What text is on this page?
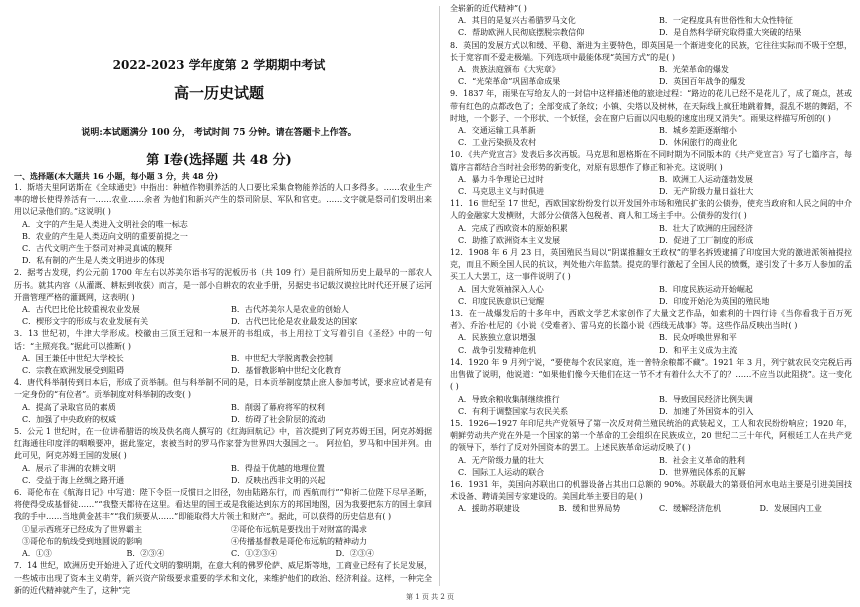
2022-2023 学年度第 2 学期期中考试
高一历史试题
说明:本试题满分 100 分， 考试时间 75 分钟。请在答题卡上作答。
第 Ⅰ卷(选择题 共 48 分)
一、选择题(本大题共 16 小题，每小题 3 分，共 48 分)

1．斯塔夫里阿诺斯在《全球通史》中指出：种植作物驯养活的人口要比采集食物能养活的人口多得多。……农业生产率的增长使得养活有一……农业……余者 为他们和新兴产生的祭司阶层、军队和官吏。……文字就是祭司们发明出来用以记录他们的。”这说明( )

A．文字的产生是人类进入文明社会的唯一标志
B．农业的产生是人类迈向文明的重要前提之一
C．古代文明产生于祭司对神灵真诚的膜拜
D．私有制的产生是人类文明进步的体现

2．据考古发现，约公元前 1700 年左右以苏美尔语书写的泥板历书（共 109 行）是目前所知历史上最早的一部农人历书。就其内容（从灌溉、耕耘到收获）而言，是一部小自耕农的农业手册，另据史书记载汉谟拉比时代还开展了运河开凿管理严格的灌溉网，这表明( )

A．古代巴比伦比较重视农业发展	B．古代苏美尔人是农业的创始人
C．楔形文字的形成与农业发展有关	D．古代巴比伦是农业最发达的国家

3．13 世纪初，牛津大学形成。校徽由三顶王冠和一本展开的书组成，书上用拉丁文写着引自《圣经》中的一句话：“主照亮我。”据此可以推断( )

A．国王兼任中世纪大学校长	B．中世纪大学脱离教会控制
C．宗教在欧洲发展受到阻碍	D．基督教影响中世纪文化教育

4．唐代科举制传到日本后，形成了贡举制。但与科举制不同的是，日本贡举制度禁止庶人参加考试，要求应试者是有一定身份的“有位者”。贡举制度对科举制的改变( )

A．提高了录取官员的素质	B．削弱了幕府将军的权利
C．加强了中央政府的权威	D．纺碍了社会阶层的流动

5．公元 1 世纪时，在一位讲希腊语的埃及佚名商人撰写的《红海回航记》中，首次提到了阿克苏姆王国，阿克苏姆据红海通往印度洋的咽喉要冲，据此鉴定，衷被当时的罗马作家誉为世界四大强国之一。 阿拉伯，罗马和中国并列。由此可见，阿克苏姆王国的发展( )

A．展示了非洲的农耕文明	B．得益于优越的地理位置
C．受益于海上丝绸之路开通	D．反映出西非文明的兴起

6．哥伦布在《航海日记》中写道：陛下令臣一反惯日之旧径，勿由陆路东行，而 西航而行”“仰祈二位陛下尽早圣断，将使得受成基督徒……”“我整天都待在这里。看达里的国王或是我能达到东方的邦国地图，因为我要把东方的国土拿回我的手中……当地黄金甚丰”“我们须要从……”即能取得大片领土和财产”。据此，可以获得的历史信息有( )

①显示西班牙已经成为了世界霸主	②哥伦布远航是要找出于对财富的渴求
③哥伦布的航线受到地圆说的影响	④传播基督教是哥伦布远航的精神动力
A．①③	B．②③④	C．①②③④	D．②③④

7．14 世纪，欧洲历史开始进入了近代文明的黎明期，在意大利的佛罗伦萨、威尼斯等地，工商业已经有了长足发展，一些城市出现了资本主义萌芽，新兴资产阶级要求重要的学术和文化，来维护他们的政治、经济利益。这样，一种完全新的近代精神就产生了，这种“完

全崭新的近代精神”( )

A．其目的是复兴古希腊罗马文化	B．一定程度具有世俗性和大众性特征
C．帮助欧洲人民彻底摆脱宗教信仰	D．是自然科学研究取得重大突破的结果

8．英国的发展方式以和缓、平稳、渐进为主要特色，即英国是一个渐进变化的民族，它往往实际而不吸于空想，长于宽容而不爱走极端。下列选项中最能体现“英国方式”的是( )

A．贵族法庭颁布《大宪章》	B．光荣革命的爆发
C．“光荣革命”巩固革命成果	D．英国百年战争的爆发

9．1837 年，雨果在写给友人的一封信中这样描述他的旅途过程：“路边的花儿已经不是花儿了，成了斑点，甚或带有红色的点都改色了；全部变成了条纹；小镇、尖塔以及树林，在天际线上疯狂地跳着舞，混乱不堪的舞蹈，不时地，一个影子、一个形状、一个妖怪，会在窗户后面以闪电般的速度出现又消失”。雨果这样描写所创的( )

A．交通运输工具革新	B．城乡差距逐渐缩小
C．工业污染损及农村	D．休闲旅行的商业化

10．《共产党宣言》发表后多次再版。马克思和恩格斯在不同时期为不同版本的《共产党宣言》写了七篇序言，每篇序言都结合当时社会形势的新变化，对原有思想作了修正和补充。这说明( )

A．暴力斗争理论已过时	B．欧洲工人运动蓬勃发展
C．马克思主义与时俱进	D．无产阶级力量日益壮大

11．16 世纪至 17 世纪，西欧国家纷纷发行以开发国外市场和殖民扩张的公债券，使充当政府和人民之间的中介人的金融家大发横财，大部分公债落入包税者、商人和工场主手中。公债券的发行( )

A．完成了西欧资本的原始积累	B．壮大了欧洲的庄园经济
C．助推了欧洲资本主义发展	D．促进了工厂制度的形成

12．1908 年 6 月 23 日，英国殖民当局以“阴谋推翻女王政权”的罪名拆毁逮捕了印度国大党的激进派领袖提拉克，而且不顾全国人民的抗议，判处他六年监禁。提克的罪行激起了全国人民的愤慨，遂引发了十多万人参加的孟买工人大罢工，这一事件说明了( )

A．国大党领袖深入人心	B．印度民族运动开始崛起
C．印度民族意识已觉醒	D．印度开始沦为英国的殖民地

13．在一战爆发后的十多年中，西欧文学艺术家创作了大量文艺作品，如索利的十四行诗《当你看我于百万死者》、乔治·杜尼的《小说《受难者》、雷马克的长篇小说《西线无战事》等。这些作品反映出当时( )

A．民族独立意识增强	B．民众呼唤世界和平
C．战争引发精神危机	D．和平主义成为主流

14．1920 年 9 月列宁说，“要使每个农民家庭，连一普特余粮都不藏”。1921 年 3 月，列宁就农民交完税后再出售做了说明，他说道：“如果他们像今天他们在这一节不才有着什么大不了的？……不应当以此阻挠”。这一变化( )

A．导致余粮收集制继续推行	B．导致国民经济比例失调
C．有利于调整国家与农民关系	D．加速了外国资本的引入

15．1926—1927 年印尼共产党领导了第一次反对荷兰殖民统治的武装起义，工人和农民纷纷响应；1920 年，朝鲜劳动共产党在外是一个国家的第一个革命的工会组织在民族成立，20 世纪二三十年代，阿根廷工人在共产党的领导下，举行了反对外国资本的罢工。上述民族革命运动反映了( )

A．无产阶级力量的壮大	B．社会主义革命的胜利
C．国际工人运动的联合	D．世界殖民体系的瓦解

16．1931 年，美国向苏联出口的机器设备占其出口总额的 90%。苏联最大的第聂伯河水电站主要是引进美国技术设备、聘请美国专家建设的。美国此举主要目的是( )

A．援助苏联建设	B．缓和世界局势	C．缓解经济危机	D．发展国内工业
第 1 页 共 2 页
